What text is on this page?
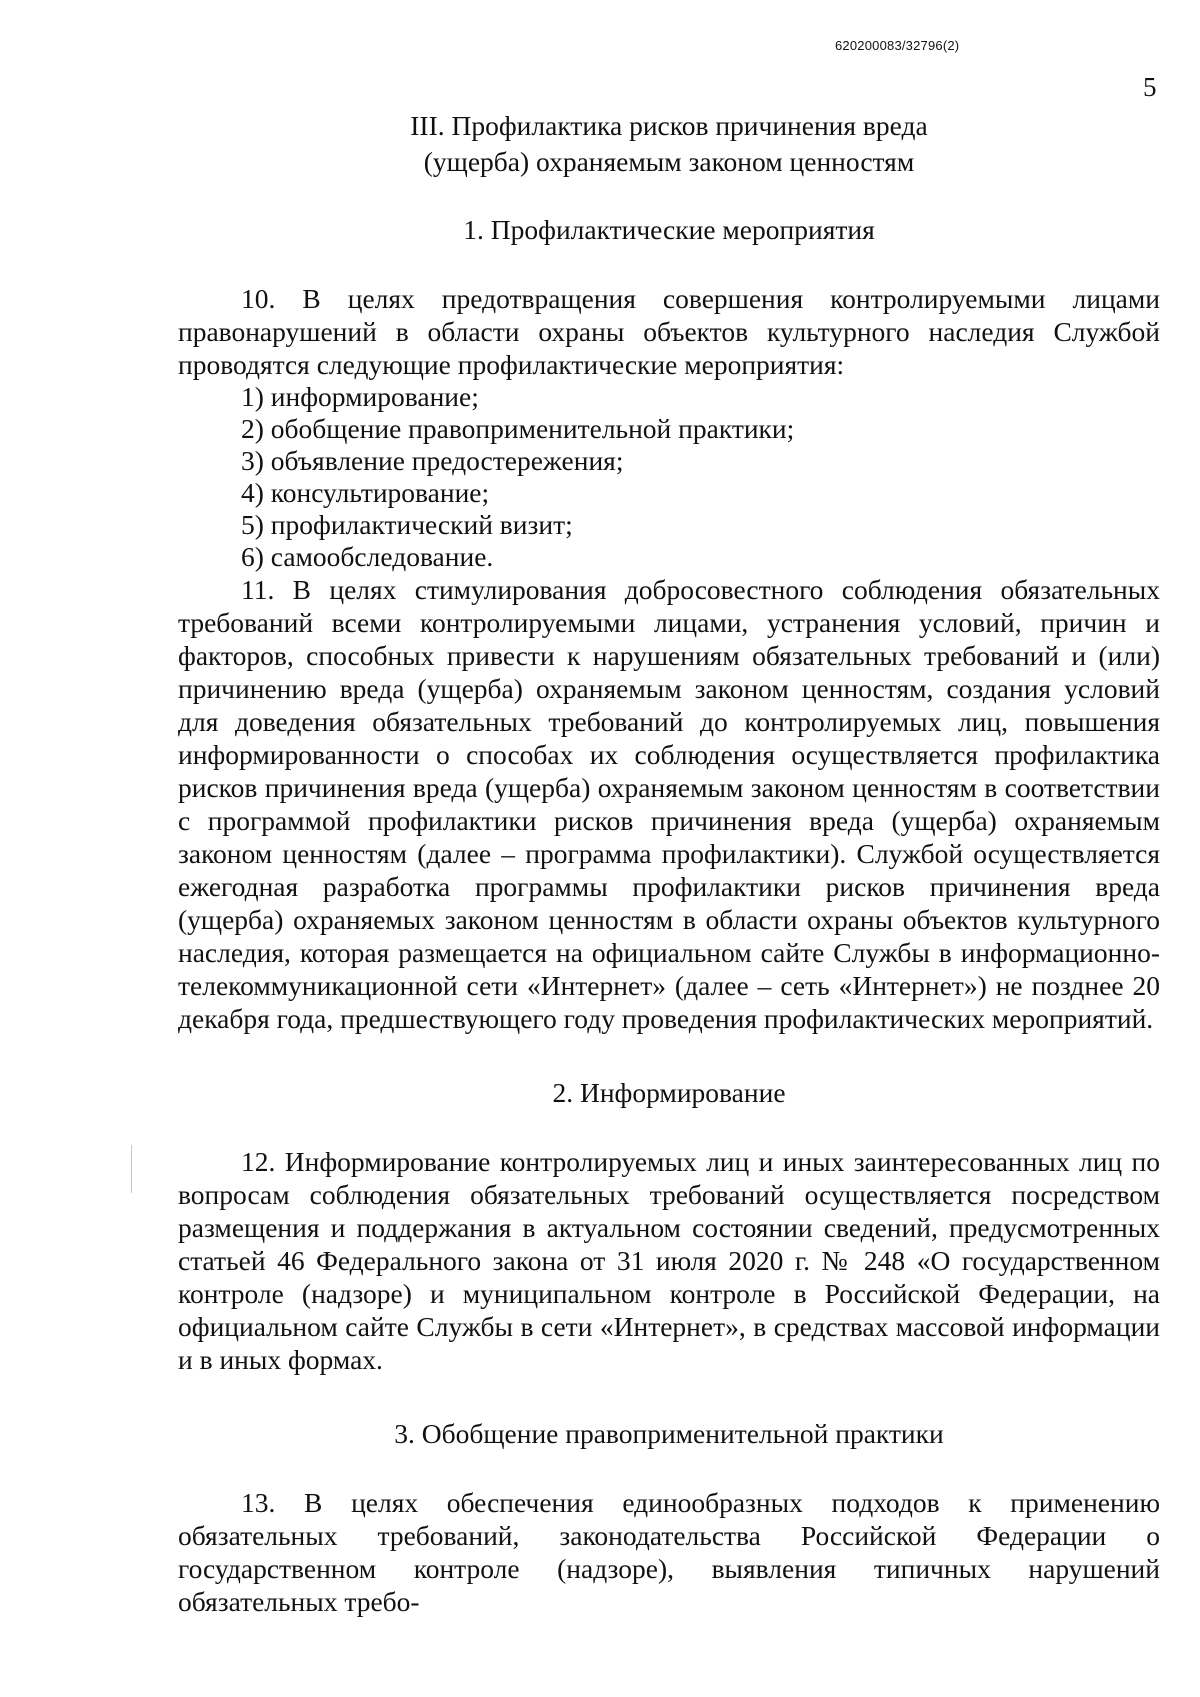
620200083/32796(2)
5
III. Профилактика рисков причинения вреда
(ущерба) охраняемым законом ценностям
1. Профилактические мероприятия

10. В целях предотвращения совершения контролируемыми лицами правонарушений в области охраны объектов культурного наследия Службой проводятся следующие профилактические мероприятия:

1) информирование;
2) обобщение правоприменительной практики;
3) объявление предостережения;
4) консультирование;
5) профилактический визит;
6) самообследование.

11. В целях стимулирования добросовестного соблюдения обязательных требований всеми контролируемыми лицами, устранения условий, причин и факторов, способных привести к нарушениям обязательных требований и (или) причинению вреда (ущерба) охраняемым законом ценностям, создания условий для доведения обязательных требований до контролируемых лиц, повышения информированности о способах их соблюдения осуществляется профилактика рисков причинения вреда (ущерба) охраняемым законом ценностям в соответствии с программой профилактики рисков причинения вреда (ущерба) охраняемым законом ценностям (далее – программа профилактики). Службой осуществляется ежегодная разработка программы профилактики рисков причинения вреда (ущерба) охраняемых законом ценностям в области охраны объектов культурного наследия, которая размещается на официальном сайте Службы в информационно-телекоммуникационной сети «Интернет» (далее – сеть «Интернет») не позднее 20 декабря года, предшествующего году проведения профилактических мероприятий.

2. Информирование

12. Информирование контролируемых лиц и иных заинтересованных лиц по вопросам соблюдения обязательных требований осуществляется посредством размещения и поддержания в актуальном состоянии сведений, предусмотренных статьей 46 Федерального закона от 31 июля 2020 г. № 248 «О государственном контроле (надзоре) и муниципальном контроле в Российской Федерации, на официальном сайте Службы в сети «Интернет», в средствах массовой информации и в иных формах.

3. Обобщение правоприменительной практики

13. В целях обеспечения единообразных подходов к применению обязательных требований, законодательства Российской Федерации о государственном контроле (надзоре), выявления типичных нарушений обязательных требо-
